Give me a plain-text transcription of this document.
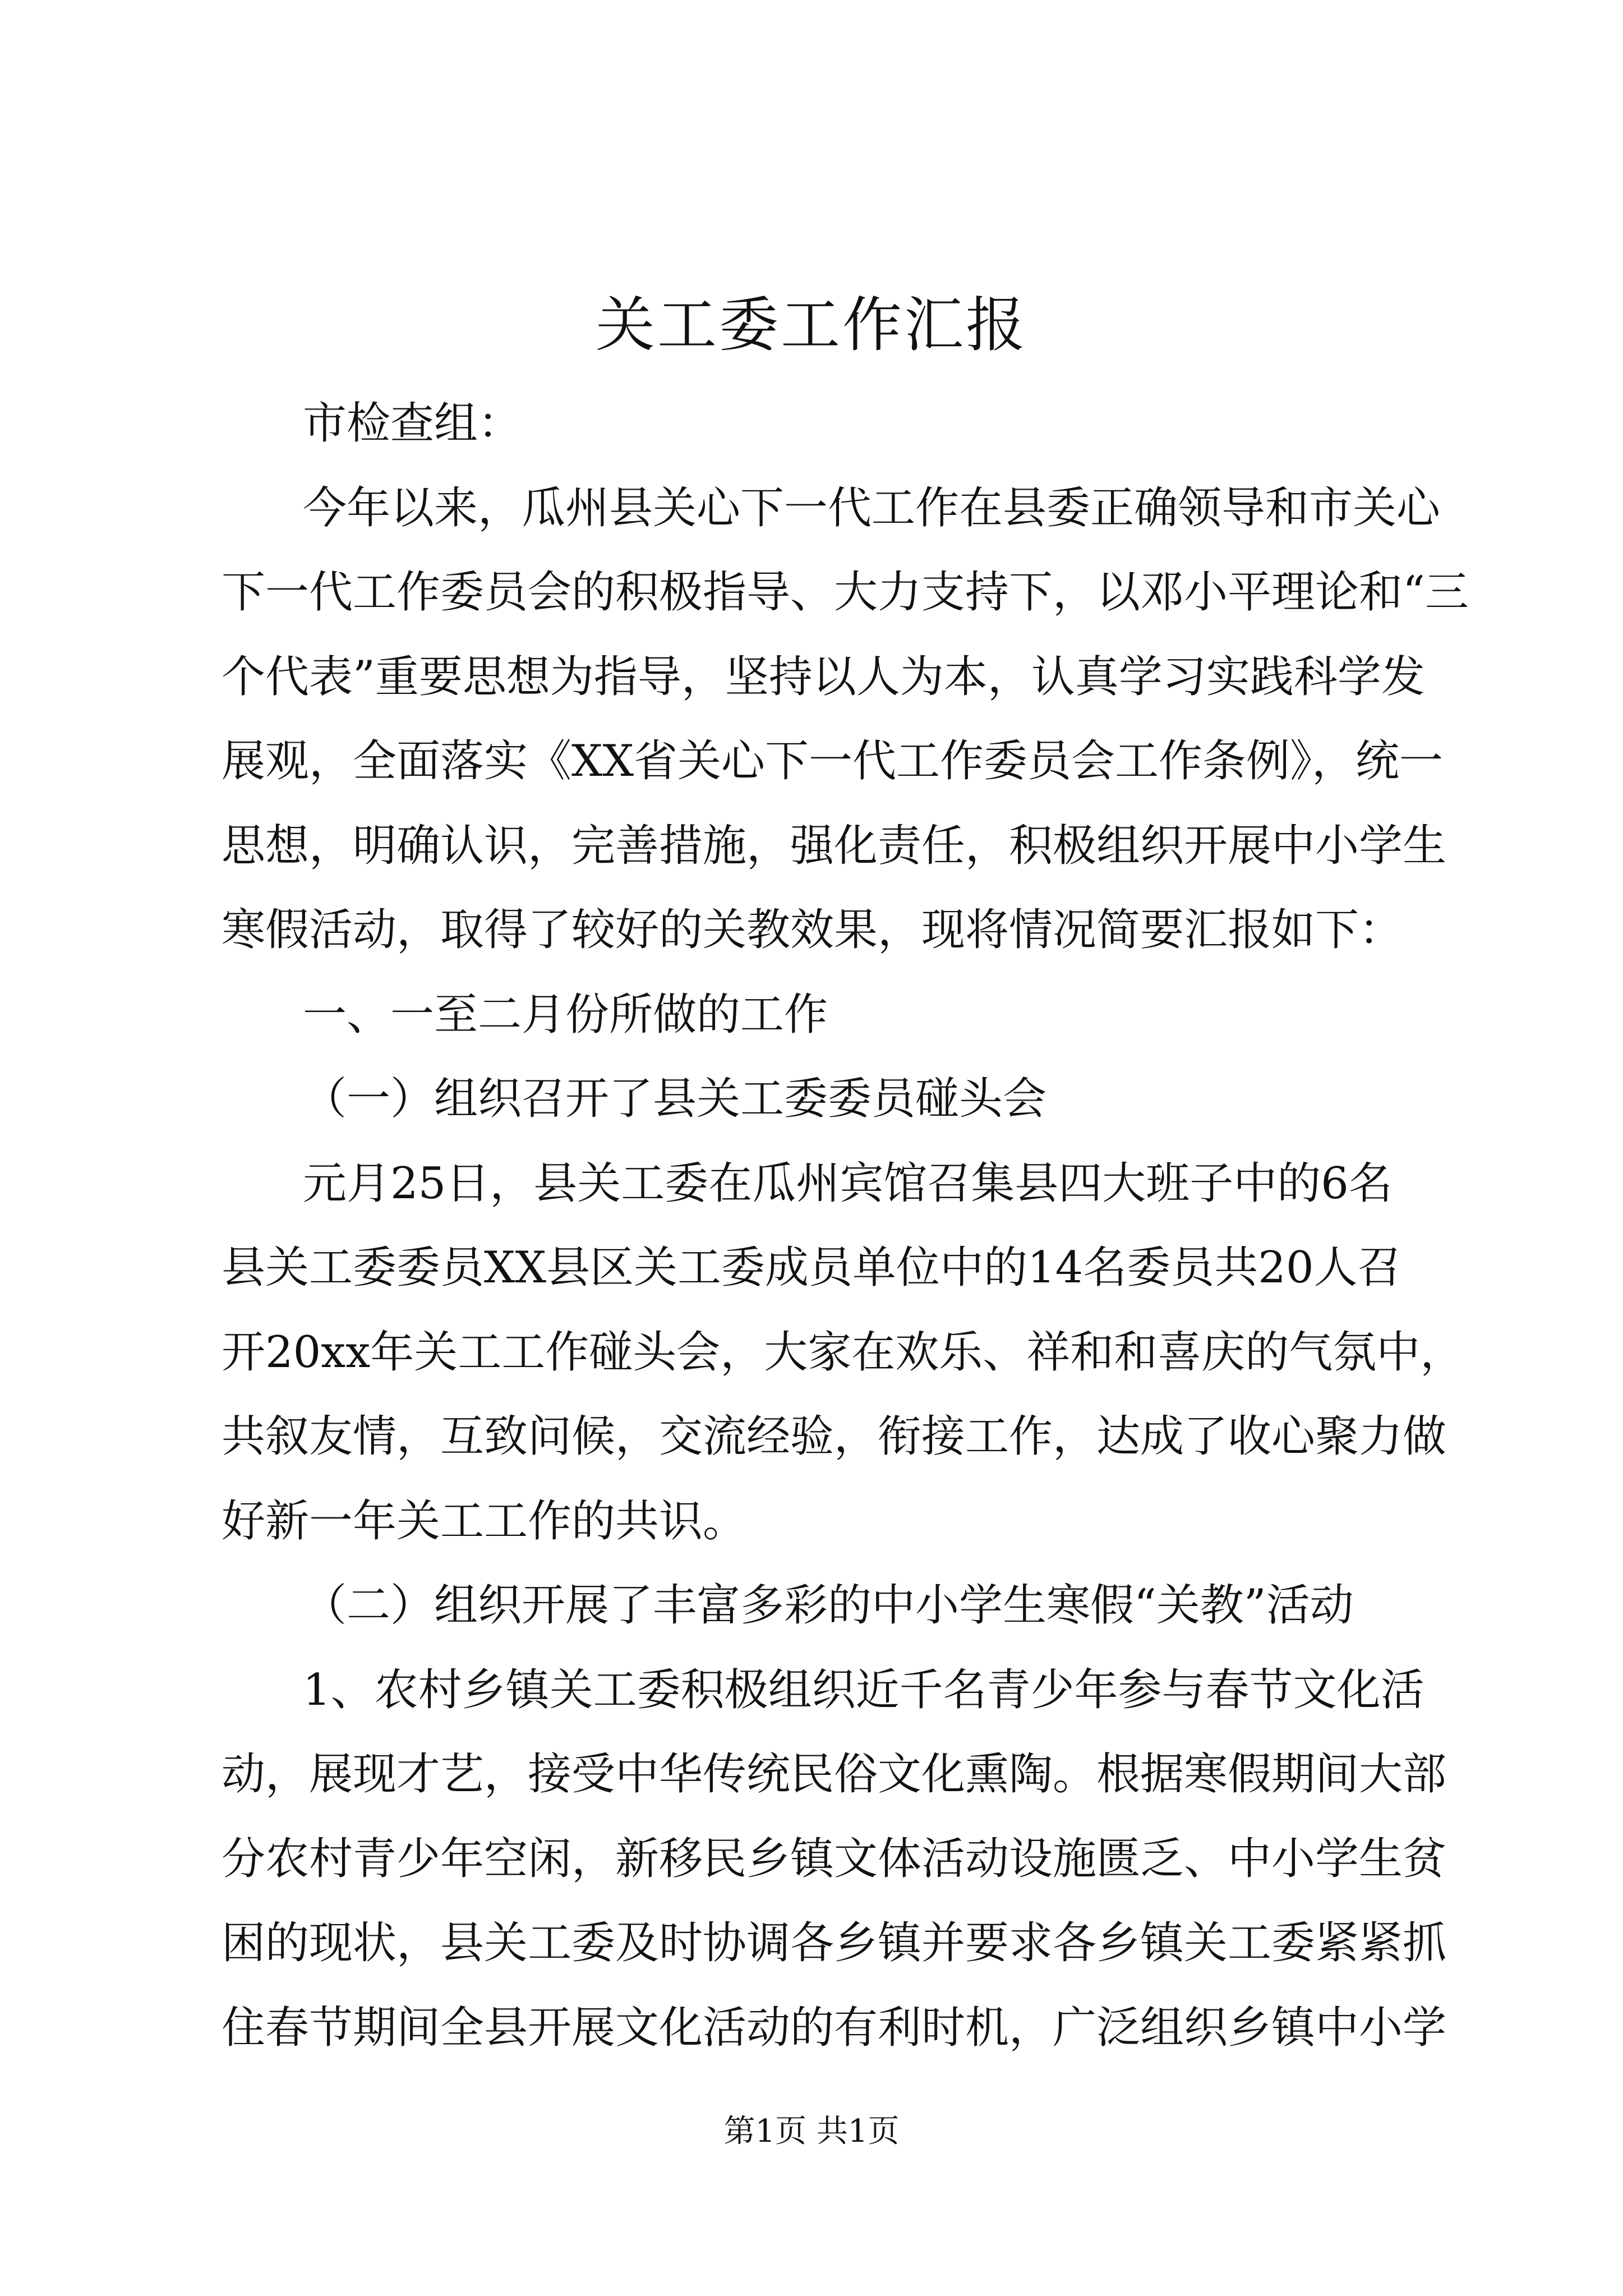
关工委工作汇报
市检查组：
今年以来，瓜州县关心下一代工作在县委正确领导和市关心
下一代工作委员会的积极指导、大力支持下，以邓小平理论和“三
个代表”重要思想为指导，坚持以人为本，认真学习实践科学发
展观，全面落实《XX省关心下一代工作委员会工作条例》，统一
思想，明确认识，完善措施，强化责任，积极组织开展中小学生
寒假活动，取得了较好的关教效果，现将情况简要汇报如下：
一、一至二月份所做的工作
（一）组织召开了县关工委委员碰头会
元月25日，县关工委在瓜州宾馆召集县四大班子中的6名
县关工委委员XX县区关工委成员单位中的14名委员共20人召
开20xx年关工工作碰头会，大家在欢乐、祥和和喜庆的气氛中，
共叙友情，互致问候，交流经验，衔接工作，达成了收心聚力做
好新一年关工工作的共识。
（二）组织开展了丰富多彩的中小学生寒假“关教”活动
1、农村乡镇关工委积极组织近千名青少年参与春节文化活
动，展现才艺，接受中华传统民俗文化熏陶。根据寒假期间大部
分农村青少年空闲，新移民乡镇文体活动设施匮乏、中小学生贫
困的现状，县关工委及时协调各乡镇并要求各乡镇关工委紧紧抓
住春节期间全县开展文化活动的有利时机，广泛组织乡镇中小学
第1页 共1页
